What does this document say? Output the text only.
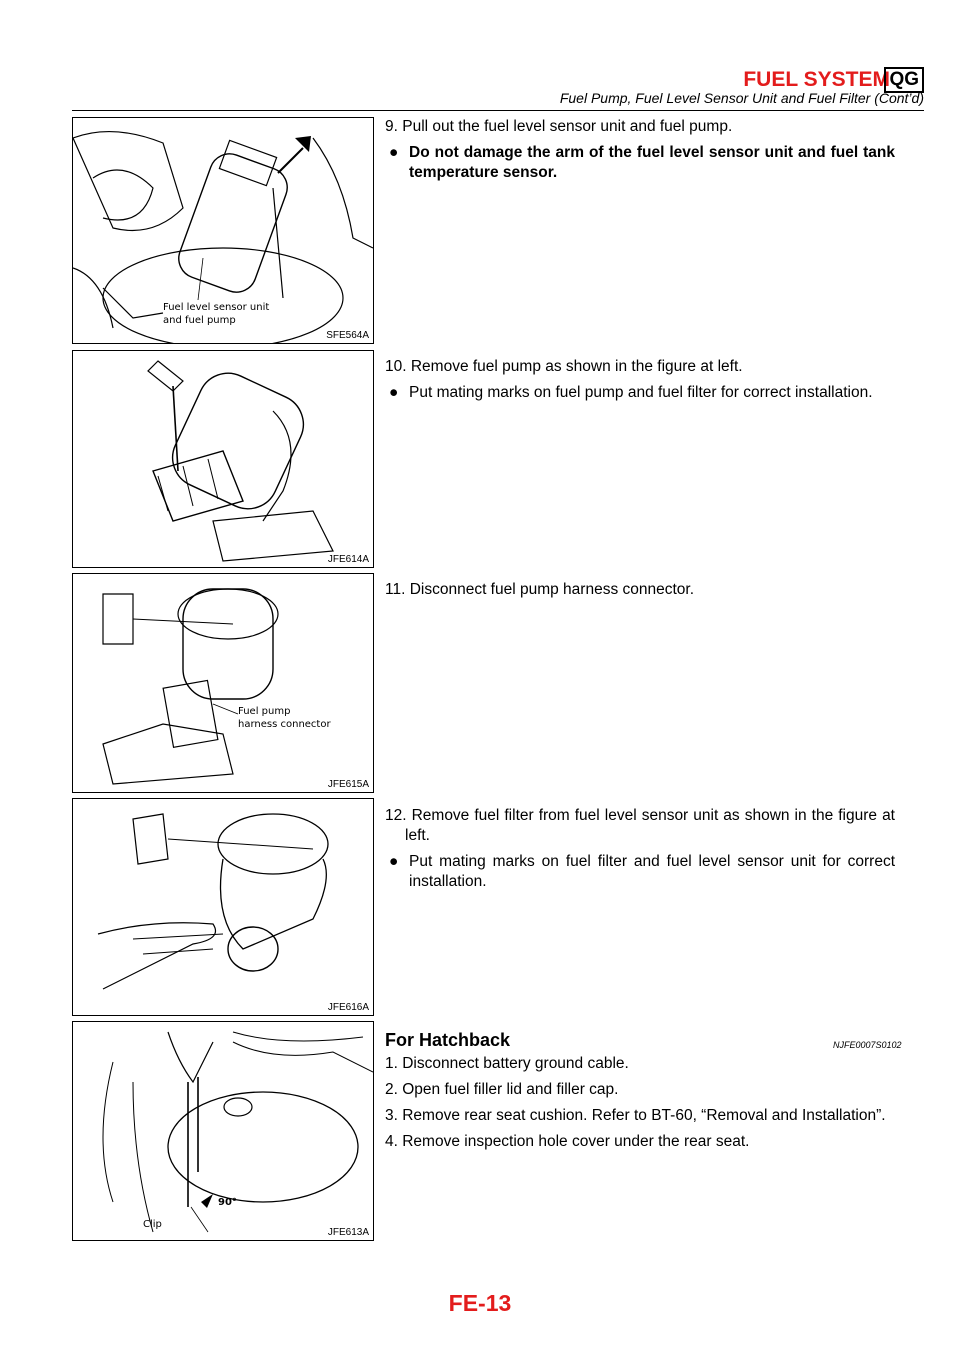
FUEL SYSTEM QG
Fuel Pump, Fuel Level Sensor Unit and Fuel Filter (Cont’d)
Fuel level sensor unit
and fuel pump
SFE564A
JFE614A
Fuel pump
harness connector
JFE615A
JFE616A
90°
Clip
JFE613A

9. Pull out the fuel level sensor unit and fuel pump.

● Do not damage the arm of the fuel level sensor unit and fuel tank temperature sensor.

10. Remove fuel pump as shown in the figure at left.

● Put mating marks on fuel pump and fuel filter for correct installation.

11. Disconnect fuel pump harness connector.

12. Remove fuel filter from fuel level sensor unit as shown in the figure at left.

● Put mating marks on fuel filter and fuel level sensor unit for correct installation.

For Hatchback	NJFE0007S0102

1. Disconnect battery ground cable.

2. Open fuel filler lid and filler cap.

3. Remove rear seat cushion. Refer to BT-60, “Removal and Installation”.

4. Remove inspection hole cover under the rear seat.

FE-13
